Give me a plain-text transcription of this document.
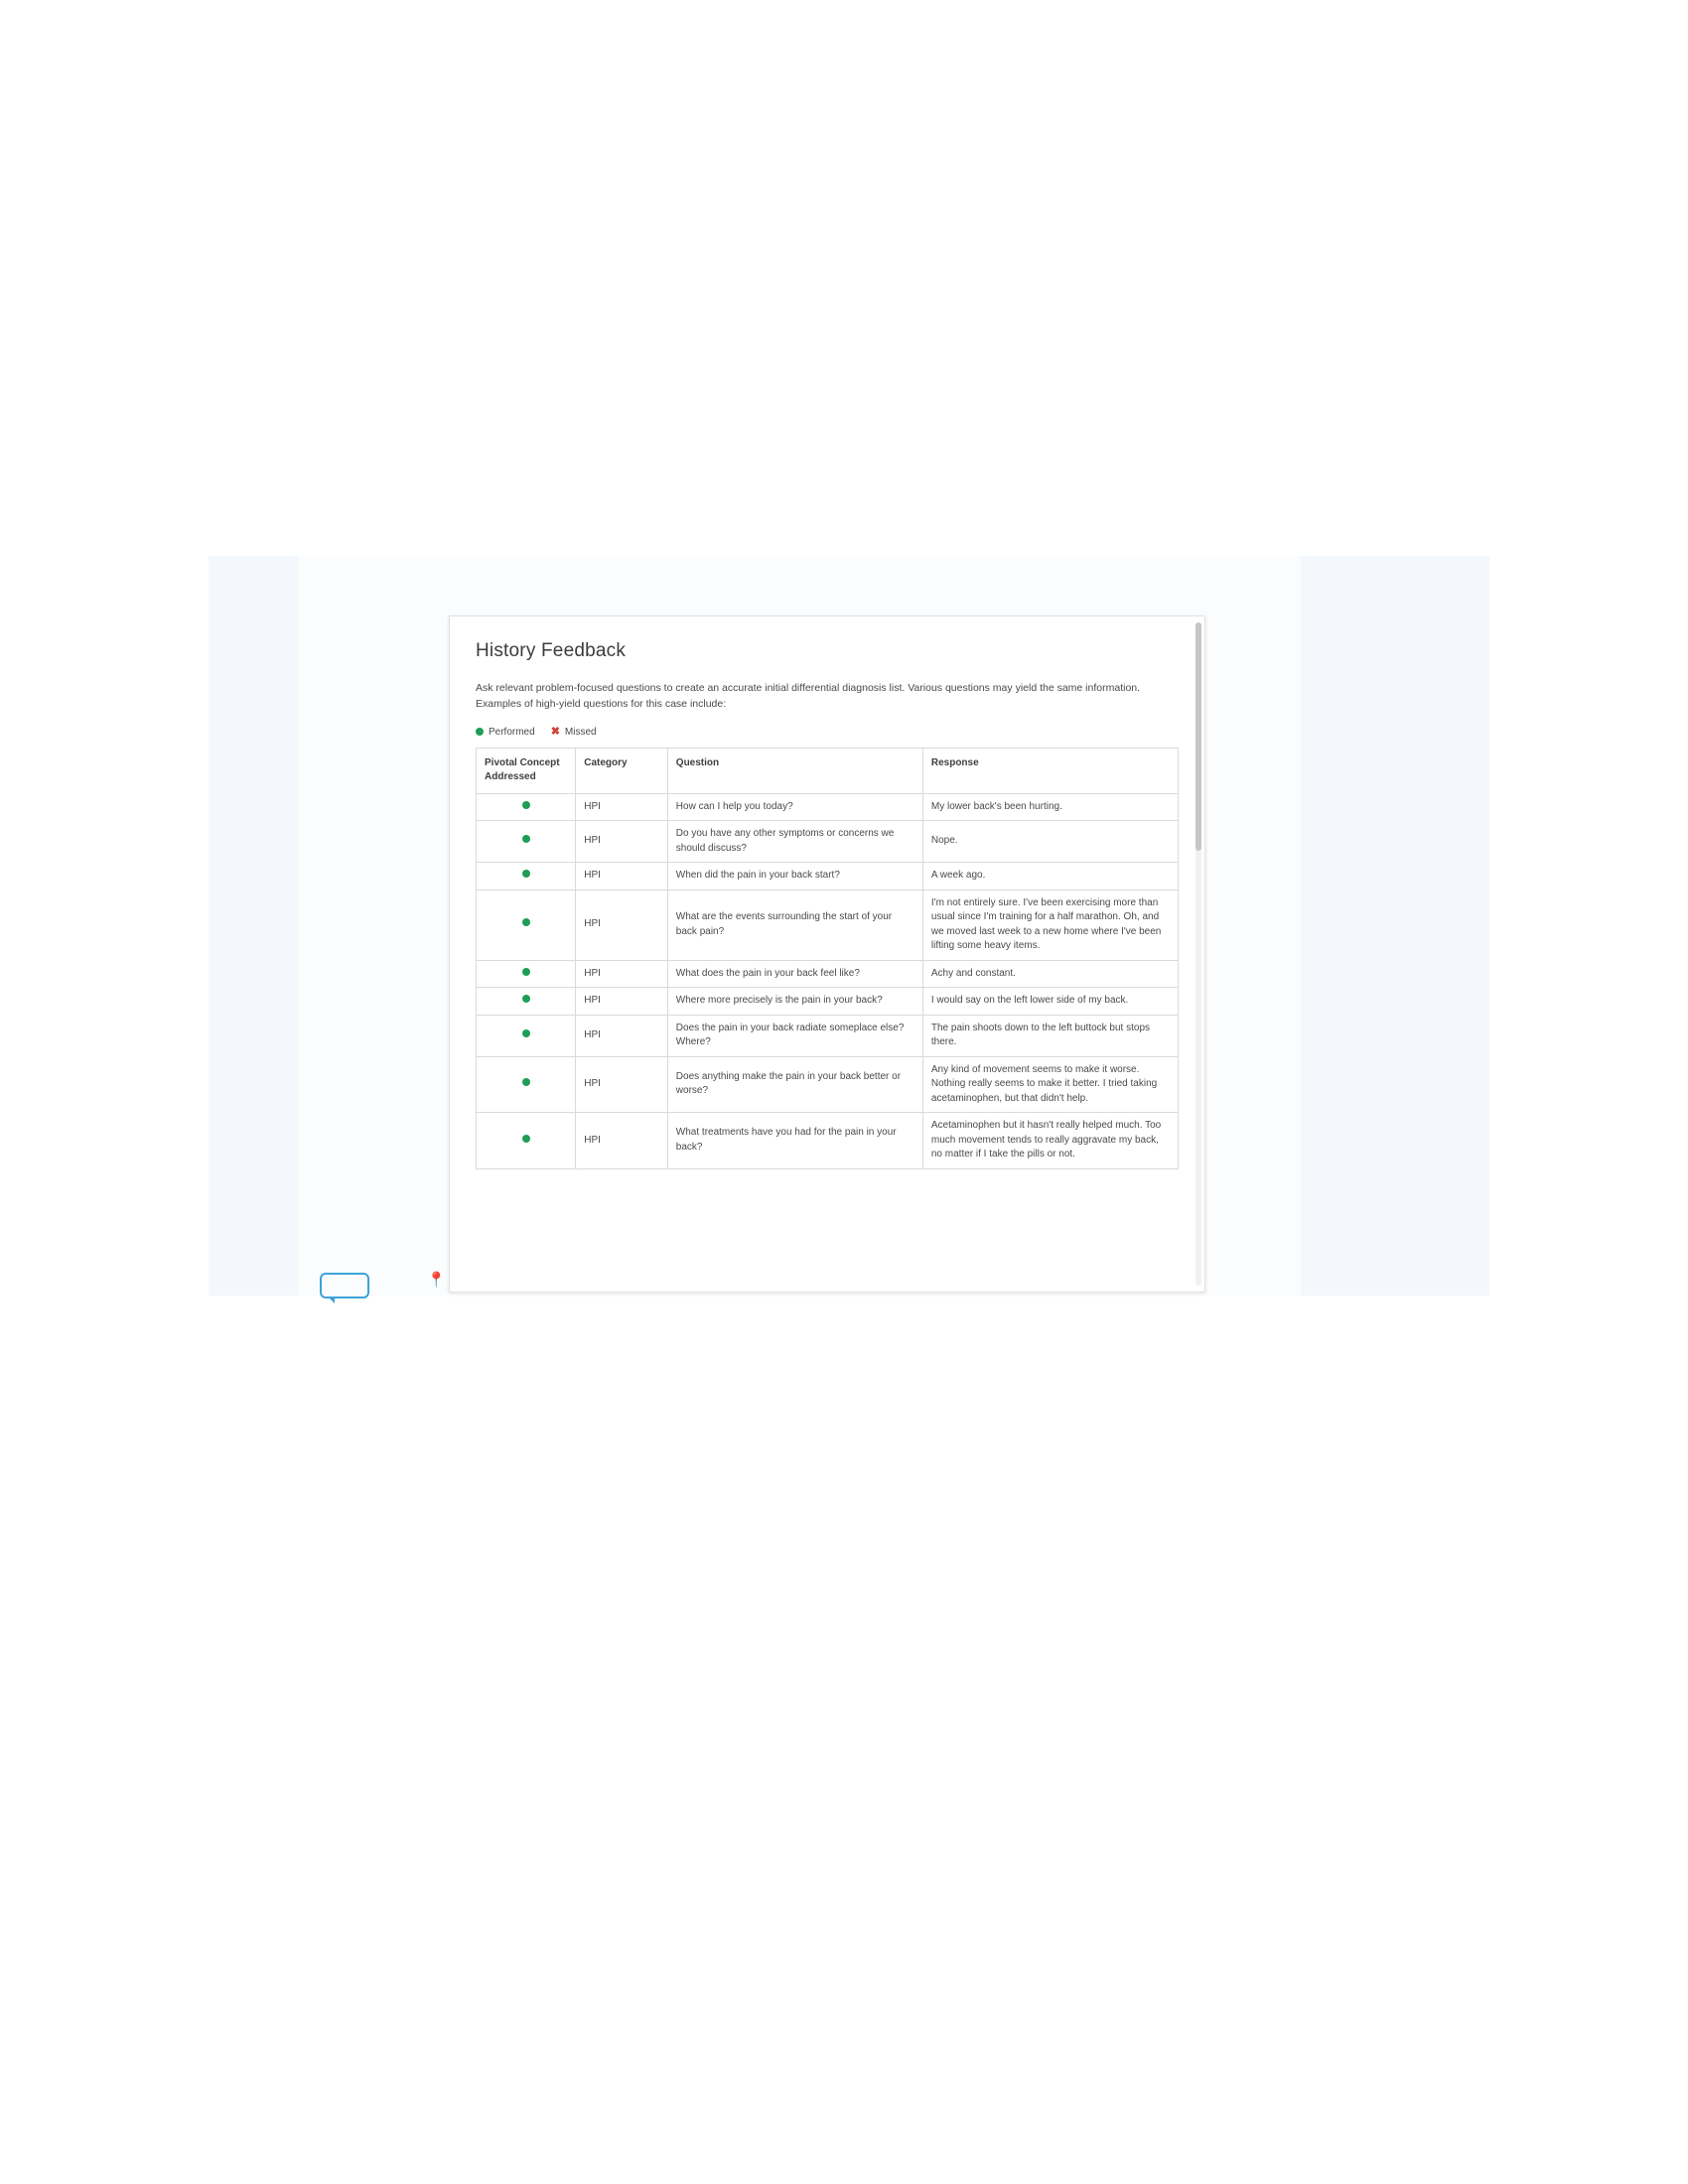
History Feedback

Ask relevant problem-focused questions to create an accurate initial differential diagnosis list. Various questions may yield the same information. Examples of high-yield questions for this case include:

Performed ✖ Missed
Pivotal Concept Addressed	Category	Question	Response
	HPI	How can I help you today?	My lower back's been hurting.
	HPI	Do you have any other symptoms or concerns we should discuss?	Nope.
	HPI	When did the pain in your back start?	A week ago.
	HPI	What are the events surrounding the start of your back pain?	I'm not entirely sure. I've been exercising more than usual since I'm training for a half marathon. Oh, and we moved last week to a new home where I've been lifting some heavy items.
	HPI	What does the pain in your back feel like?	Achy and constant.
	HPI	Where more precisely is the pain in your back?	I would say on the left lower side of my back.
	HPI	Does the pain in your back radiate someplace else? Where?	The pain shoots down to the left buttock but stops there.
	HPI	Does anything make the pain in your back better or worse?	Any kind of movement seems to make it worse. Nothing really seems to make it better. I tried taking acetaminophen, but that didn't help.
	HPI	What treatments have you had for the pain in your back?	Acetaminophen but it hasn't really helped much. Too much movement tends to really aggravate my back, no matter if I take the pills or not.
📍
